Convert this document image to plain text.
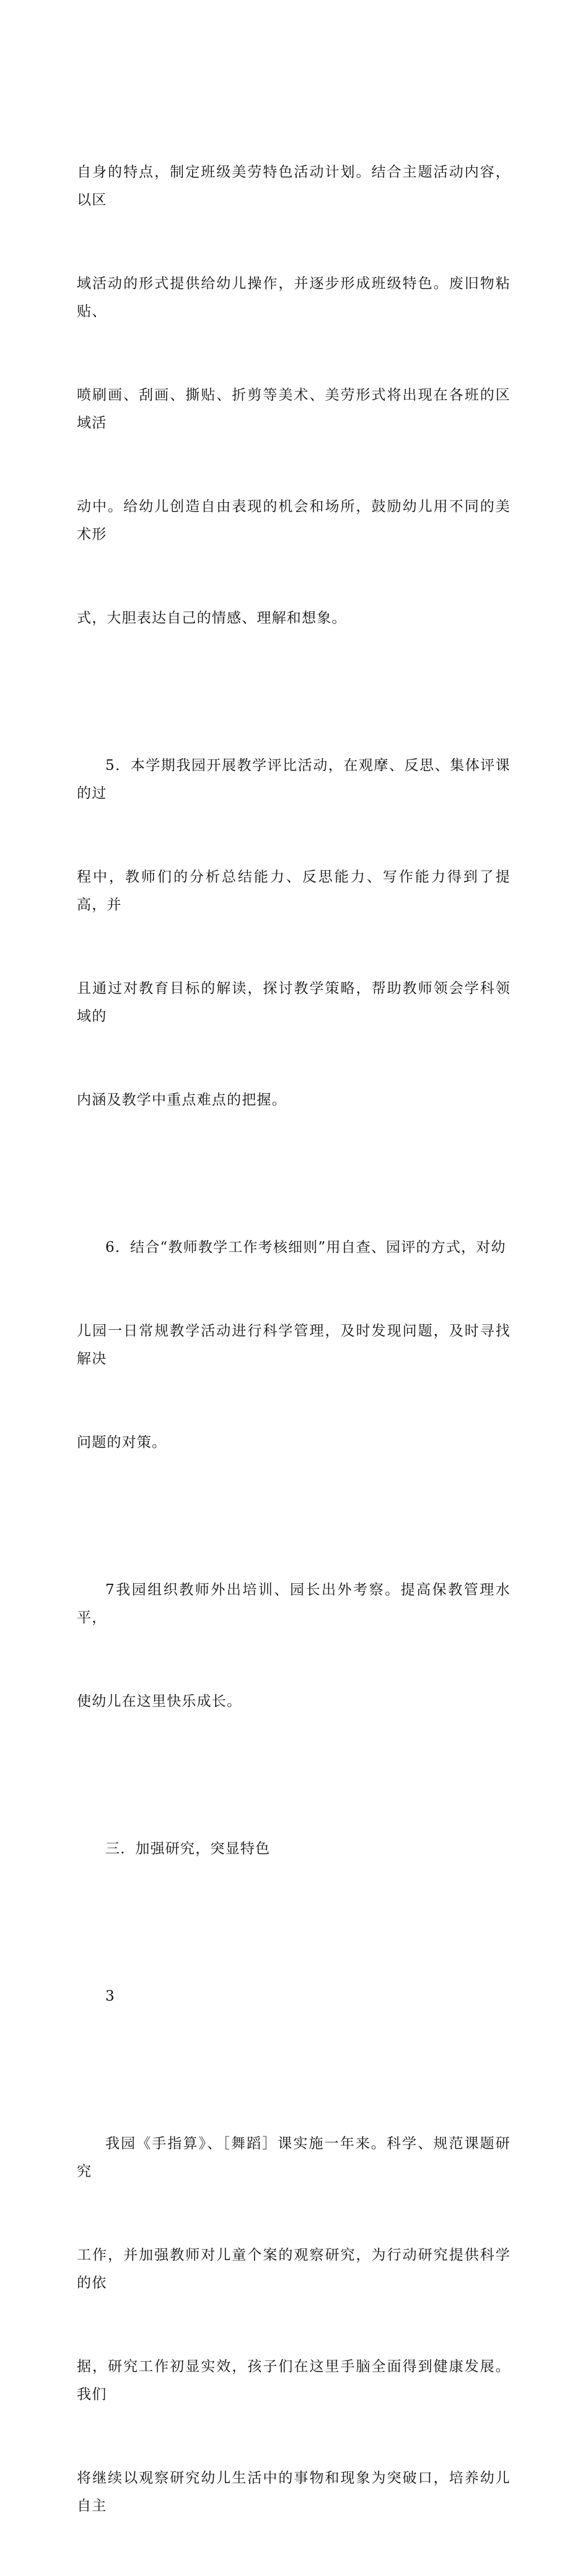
自身的特点，制定班级美劳特色活动计划。结合主题活动内容，以区

域活动的形式提供给幼儿操作，并逐步形成班级特色。废旧物粘贴、

喷刷画、刮画、撕贴、折剪等美术、美劳形式将出现在各班的区域活

动中。给幼儿创造自由表现的机会和场所，鼓励幼儿用不同的美术形

式，大胆表达自己的情感、理解和想象。

5．本学期我园开展教学评比活动，在观摩、反思、集体评课的过

程中，教师们的分析总结能力、反思能力、写作能力得到了提高，并

且通过对教育目标的解读，探讨教学策略，帮助教师领会学科领域的

内涵及教学中重点难点的把握。

6．结合“教师教学工作考核细则”用自查、园评的方式，对幼

儿园一日常规教学活动进行科学管理，及时发现问题，及时寻找解决

问题的对策。

7我园组织教师外出培训、园长出外考察。提高保教管理水平，

使幼儿在这里快乐成长。

三．加强研究，突显特色

3

我园《手指算》、［舞蹈］课实施一年来。科学、规范课题研究

工作，并加强教师对儿童个案的观察研究，为行动研究提供科学的依

据，研究工作初显实效，孩子们在这里手脑全面得到健康发展。我们

将继续以观察研究幼儿生活中的事物和现象为突破口，培养幼儿自主
